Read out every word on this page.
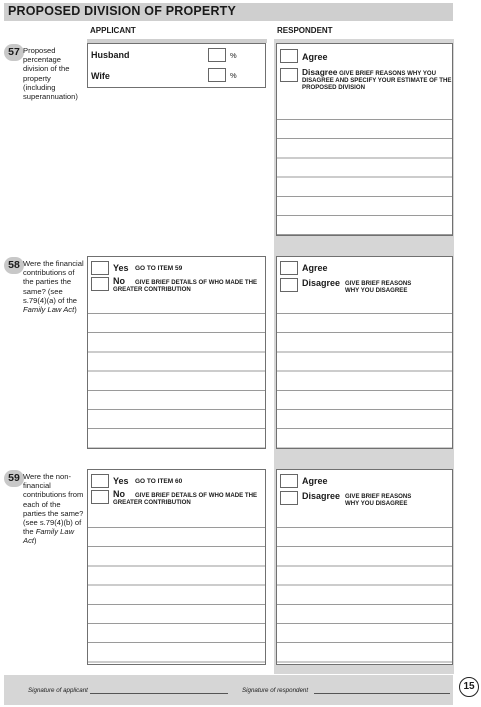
PROPOSED DIVISION OF PROPERTY
APPLICANT	RESPONDENT
57 Proposed percentage division of the property (including superannuation)
Husband	%
Wife	%
Agree
Disagree GIVE BRIEF REASONS WHY YOU DISAGREE AND SPECIFY YOUR ESTIMATE OF THE PROPOSED DIVISION
58 Were the financial contributions of the parties the same? (see s.79(4)(a) of the Family Law Act)
Yes GO TO ITEM 59
No	GIVE BRIEF DETAILS OF WHO MADE THE GREATER CONTRIBUTION
Agree
Disagree GIVE BRIEF REASONS WHY YOU DISAGREE
59 Were the non-financial contributions from each of the parties the same? (see s.79(4)(b) of the Family Law Act)
Yes GO TO ITEM 60
No	GIVE BRIEF DETAILS OF WHO MADE THE GREATER CONTRIBUTION
Agree
Disagree GIVE BRIEF REASONS WHY YOU DISAGREE
Signature of applicant	Signature of respondent	15
